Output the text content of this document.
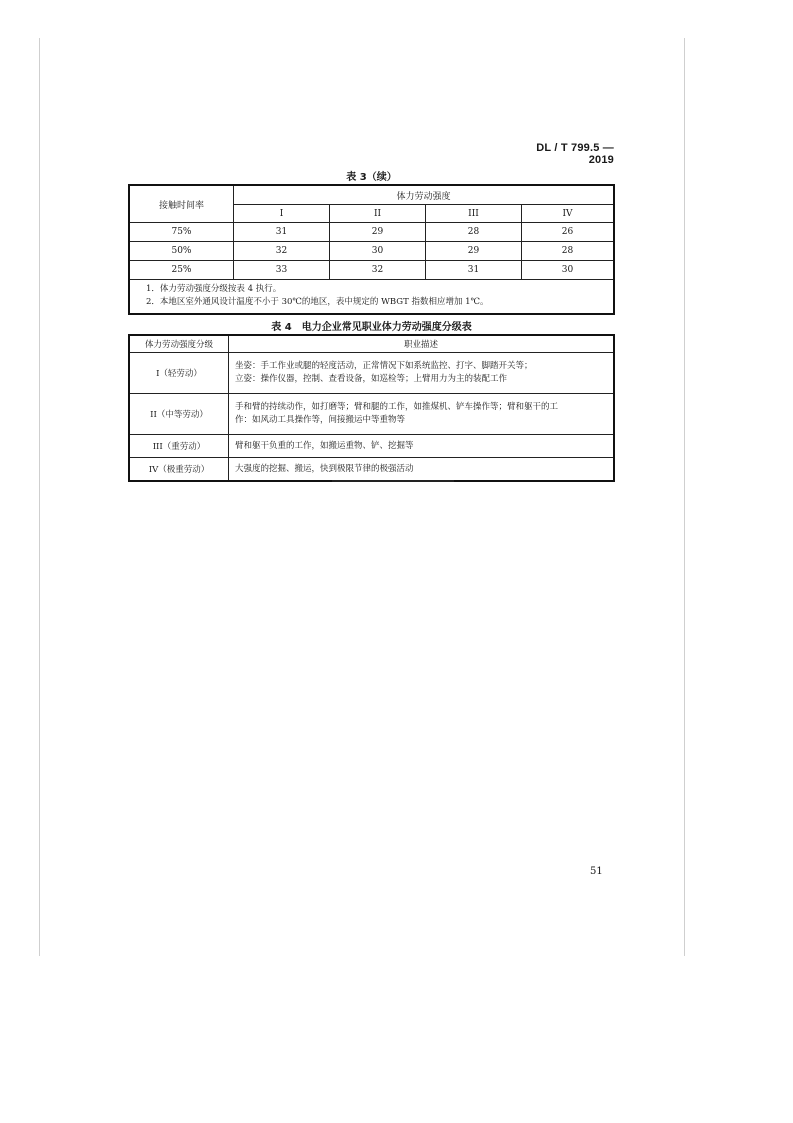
DL / T 799.5 — 2019
表 3（续）
接触时间率	体力劳动强度			
	I	II	III	IV
75%	31	29	28	26
50%	32	30	29	28
25%	33	32	31	30

1．体力劳动强度分级按表 4 执行。
2．本地区室外通风设计温度不小于 30℃的地区，表中规定的 WBGT 指数相应增加 1℃。				
表 4　电力企业常见职业体力劳动强度分级表
体力劳动强度分级	职业描述
I（轻劳动）	坐姿：手工作业或腿的轻度活动，正常情况下如系统监控、打字、脚踏开关等；
立姿：操作仪器，控制、查看设备，如巡检等；上臂用力为主的装配工作

II（中等劳动）	手和臂的持续动作，如打磨等；臂和腿的工作，如推煤机、铲车操作等；臂和躯干的工
作：如风动工具操作等，间接搬运中等重物等

III（重劳动）	臂和躯干负重的工作，如搬运重物、铲、挖掘等

IV（极重劳动）	大强度的挖掘、搬运，快到极限节律的极强活动
51
